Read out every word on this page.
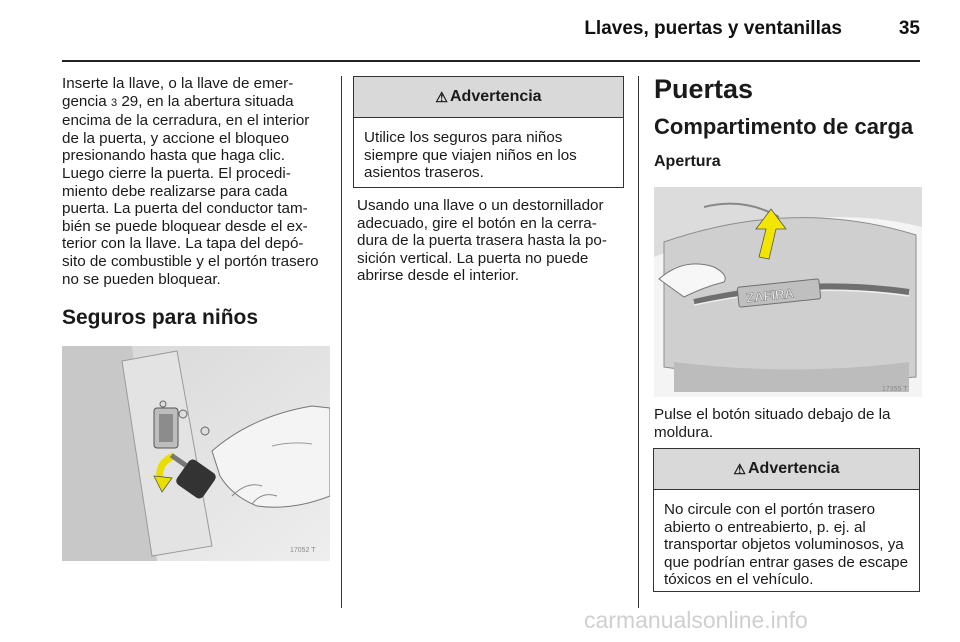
Llaves, puertas y ventanillas	35

Inserte la llave, o la llave de emer‑ gencia 3 29, en la abertura situada encima de la cerradura, en el interior de la puerta, y accione el bloqueo presionando hasta que haga clic. Luego cierre la puerta. El procedi‑ miento debe realizarse para cada puerta. La puerta del conductor tam‑ bién se puede bloquear desde el ex‑ terior con la llave. La tapa del depó‑ sito de combustible y el portón trasero no se pueden bloquear.

Seguros para niños
17052 T
⚠ Advertencia
Utilice los seguros para niños siempre que viajen niños en los asientos traseros.

Usando una llave o un destornillador adecuado, gire el botón en la cerra‑ dura de la puerta trasera hasta la po‑ sición vertical. La puerta no puede abrirse desde el interior.

Puertas
Compartimento de carga
Apertura
ZAFIRA
17355 T

Pulse el botón situado debajo de la moldura.

⚠ Advertencia
No circule con el portón trasero abierto o entreabierto, p. ej. al transportar objetos voluminosos, ya que podrían entrar gases de escape tóxicos en el vehículo.
carmanualsonline.info
